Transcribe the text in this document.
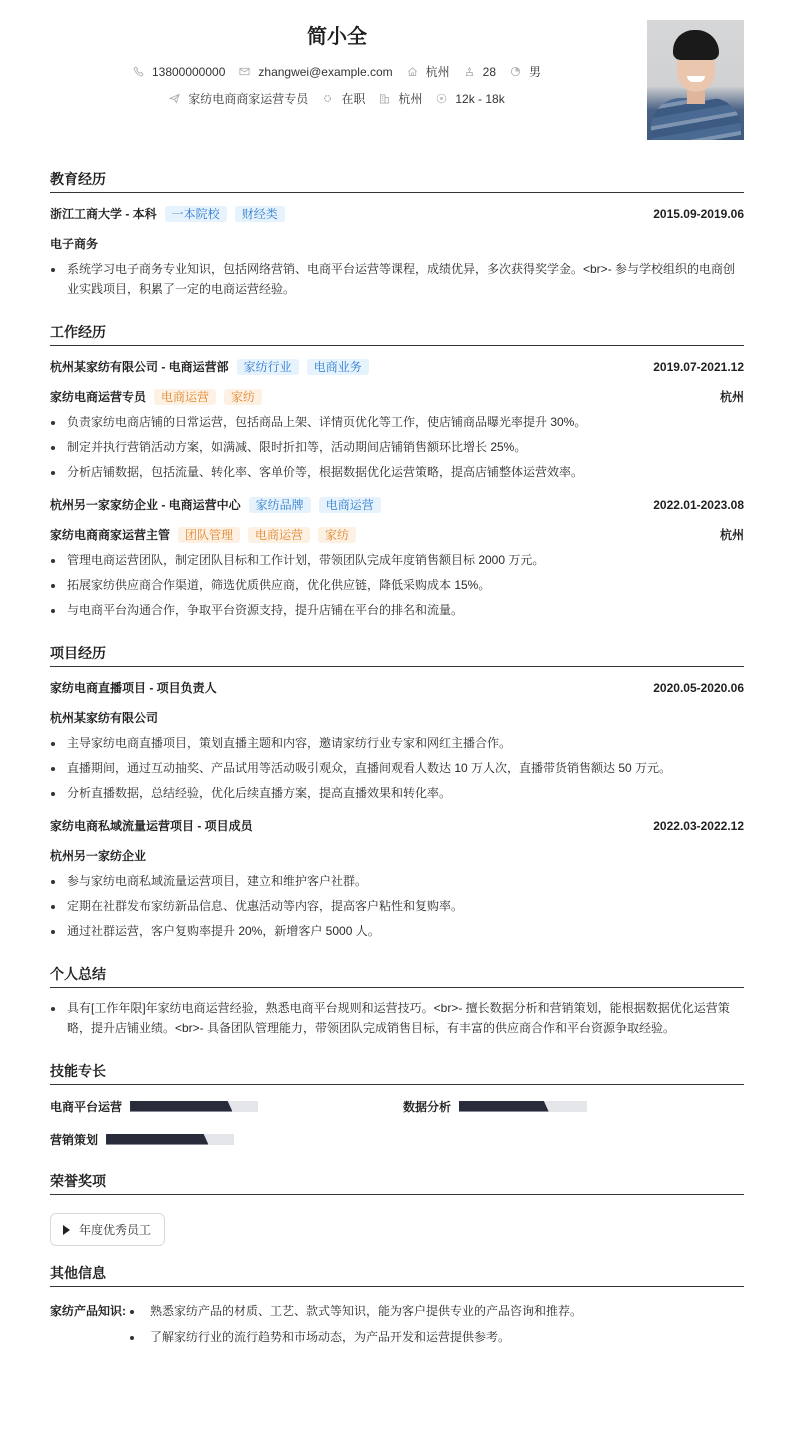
简小全
13800000000	zhangwei@example.com	杭州	28	男
家纺电商商家运营专员	在职	杭州	12k - 18k
教育经历
浙江工商大学 - 本科	一本院校	财经类	2015.09-2019.06
电子商务
系统学习电子商务专业知识，包括网络营销、电商平台运营等课程，成绩优异，多次获得奖学金。<br>- 参与学校组织的电商创业实践项目，积累了一定的电商运营经验。
工作经历
杭州某家纺有限公司 - 电商运营部	家纺行业	电商业务	2019.07-2021.12
家纺电商运营专员	电商运营	家纺	杭州
负责家纺电商店铺的日常运营，包括商品上架、详情页优化等工作，使店铺商品曝光率提升 30%。
制定并执行营销活动方案，如满减、限时折扣等，活动期间店铺销售额环比增长 25%。
分析店铺数据，包括流量、转化率、客单价等，根据数据优化运营策略，提高店铺整体运营效率。
杭州另一家家纺企业 - 电商运营中心	家纺品牌	电商运营	2022.01-2023.08
家纺电商商家运营主管	团队管理	电商运营	家纺	杭州
管理电商运营团队，制定团队目标和工作计划，带领团队完成年度销售额目标 2000 万元。
拓展家纺供应商合作渠道，筛选优质供应商，优化供应链，降低采购成本 15%。
与电商平台沟通合作，争取平台资源支持，提升店铺在平台的排名和流量。
项目经历
家纺电商直播项目 - 项目负责人	2020.05-2020.06
杭州某家纺有限公司
主导家纺电商直播项目，策划直播主题和内容，邀请家纺行业专家和网红主播合作。
直播期间，通过互动抽奖、产品试用等活动吸引观众，直播间观看人数达 10 万人次，直播带货销售额达 50 万元。
分析直播数据，总结经验，优化后续直播方案，提高直播效果和转化率。
家纺电商私域流量运营项目 - 项目成员	2022.03-2022.12
杭州另一家纺企业
参与家纺电商私域流量运营项目，建立和维护客户社群。
定期在社群发布家纺新品信息、优惠活动等内容，提高客户粘性和复购率。
通过社群运营，客户复购率提升 20%，新增客户 5000 人。
个人总结
具有[工作年限]年家纺电商运营经验，熟悉电商平台规则和运营技巧。<br>- 擅长数据分析和营销策划，能根据数据优化运营策略，提升店铺业绩。<br>- 具备团队管理能力，带领团队完成销售目标，有丰富的供应商合作和平台资源争取经验。
技能专长
电商平台运营	数据分析
营销策划
荣誉奖项
年度优秀员工
其他信息
家纺产品知识:	熟悉家纺产品的材质、工艺、款式等知识，能为客户提供专业的产品咨询和推荐。
了解家纺行业的流行趋势和市场动态，为产品开发和运营提供参考。
